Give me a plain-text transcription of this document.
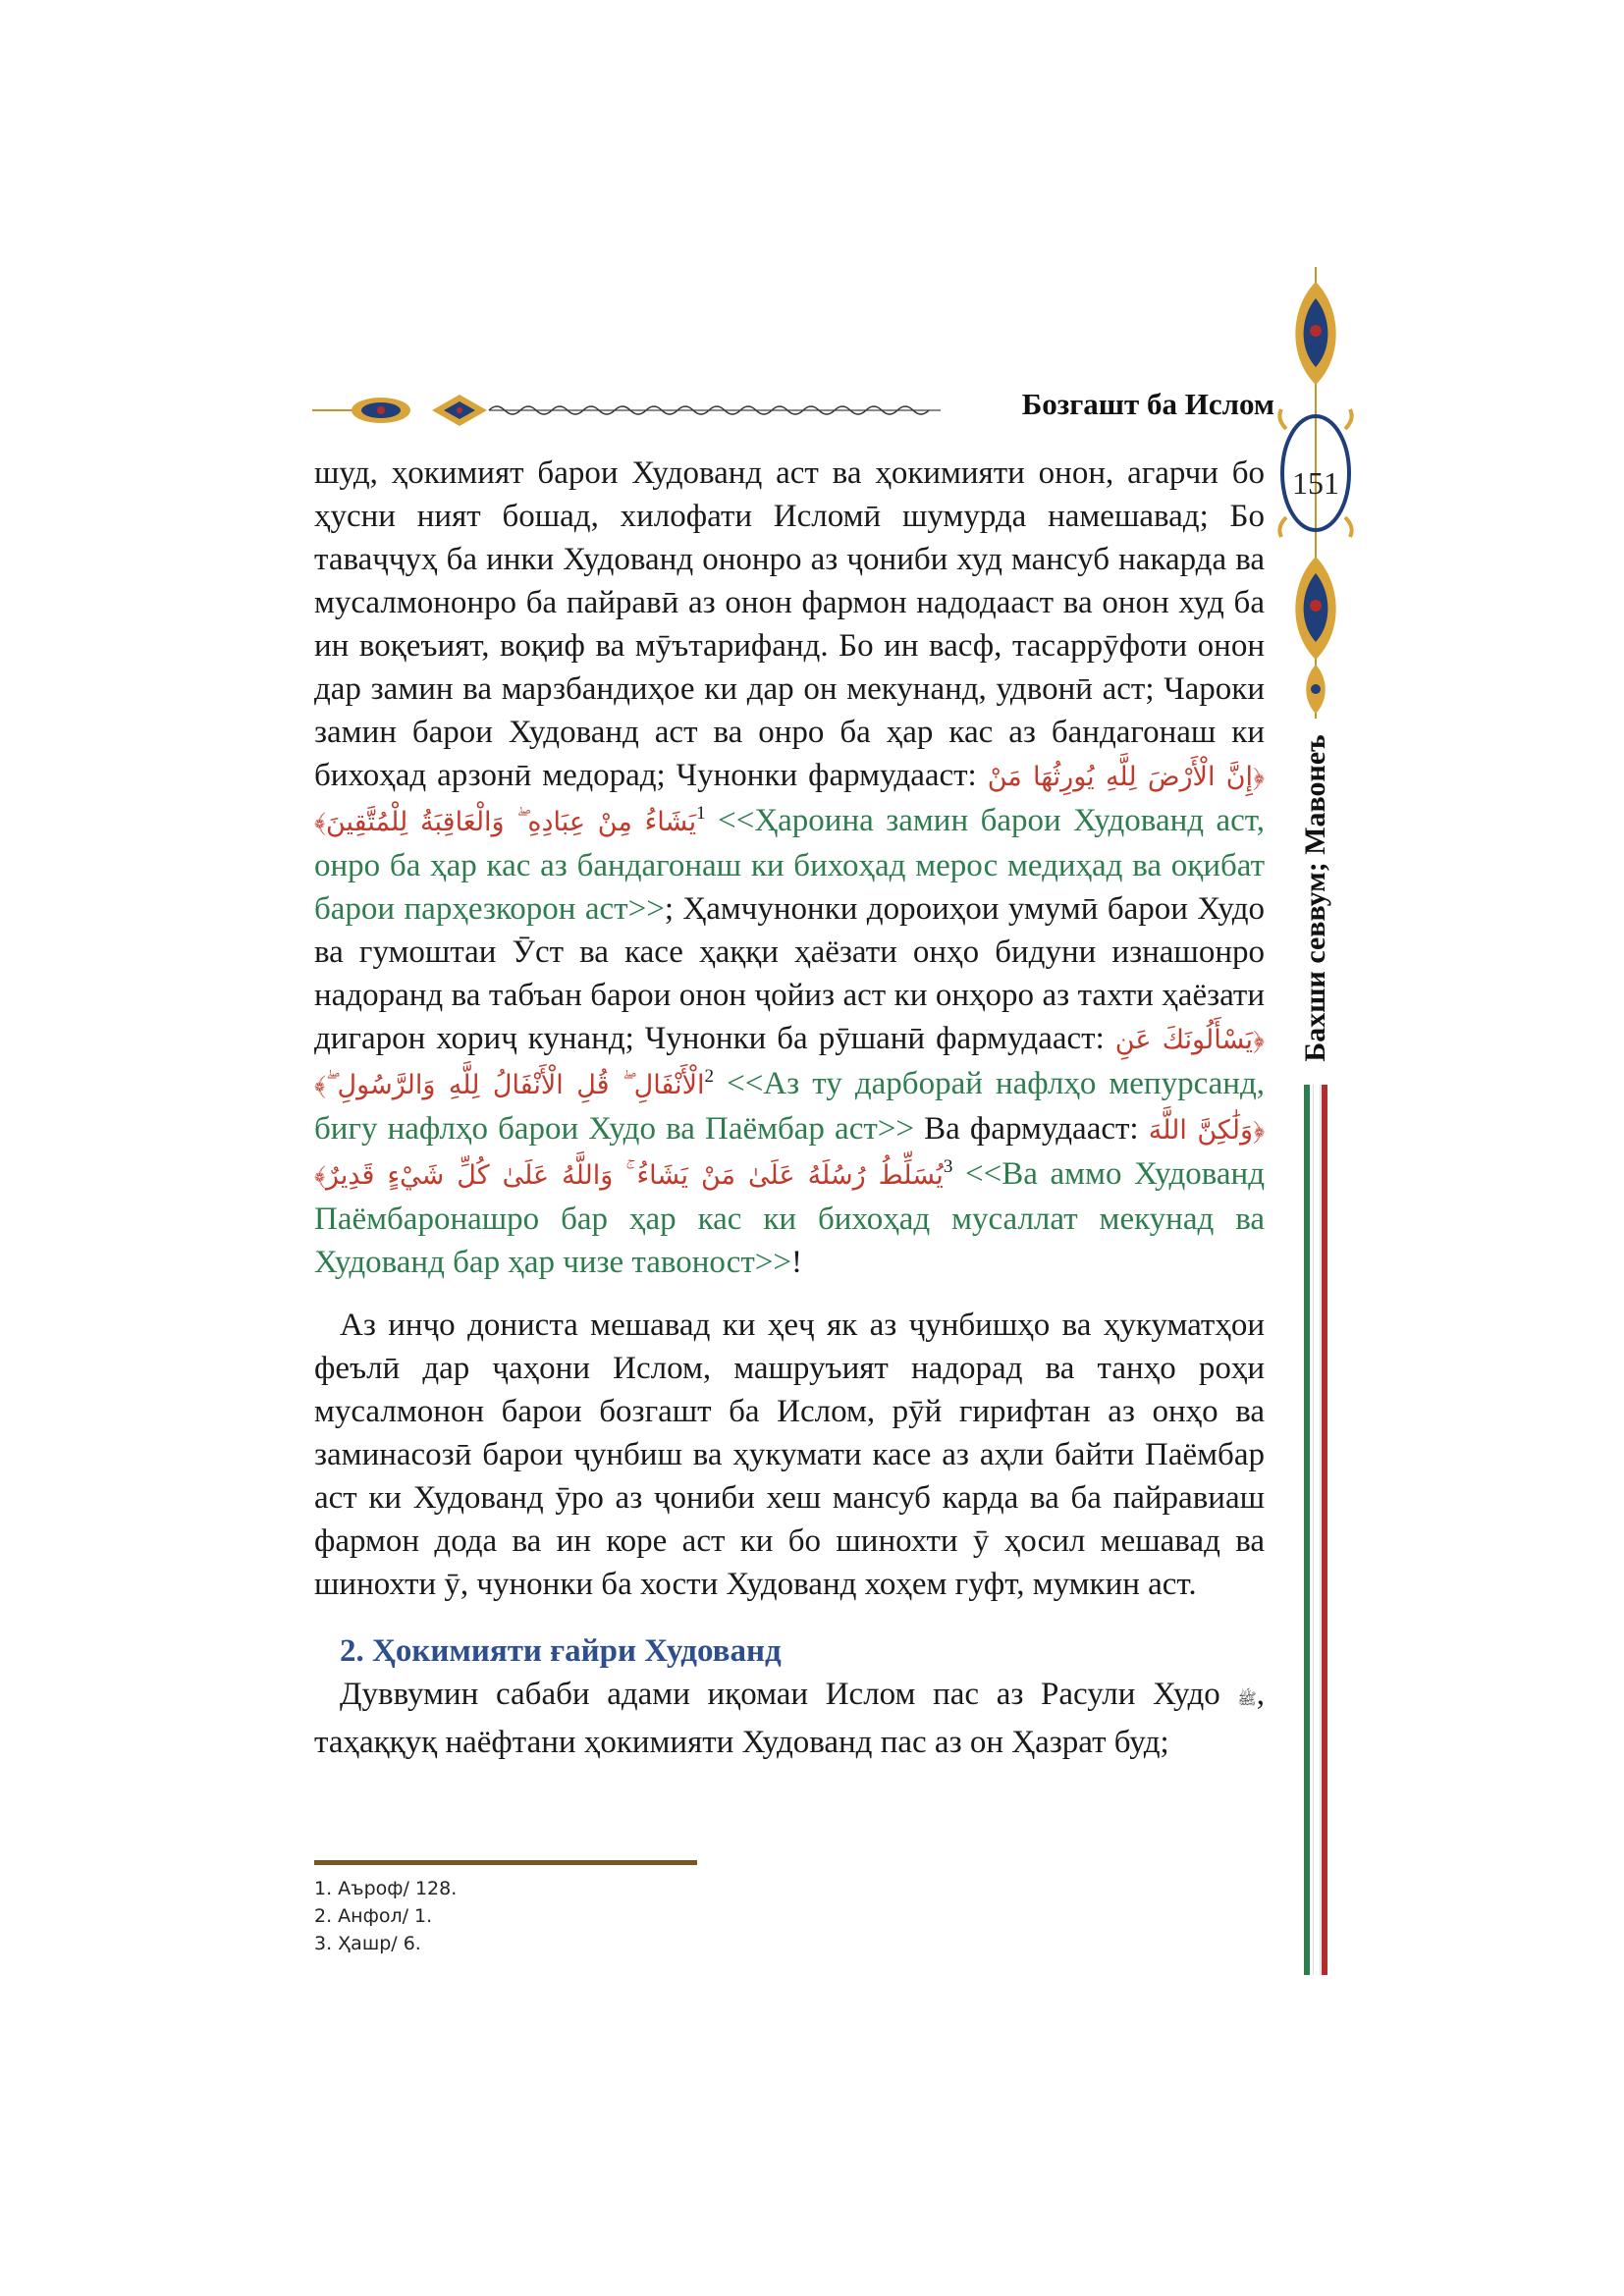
Бозгашт ба Ислом
151
Бахши севвум; Мавонеъ

шуд, ҳокимият барои Худованд аст ва ҳокимияти онон, агарчи бо ҳусни ният бошад, хилофати Исломӣ шумурда намешавад; Бо таваҷҷуҳ ба инки Худованд ононро аз ҷониби худ мансуб накарда ва мусалмононро ба пайравӣ аз онон фармон надодааст ва онон худ ба ин воқеъият, воқиф ва мӯътарифанд. Бо ин васф, тасаррӯфоти онон дар замин ва марзбандиҳое ки дар он мекунанд, удвонӣ аст; Чароки замин барои Худованд аст ва онро ба ҳар кас аз бандагонаш ки бихоҳад арзонӣ медорад; Чунонки фармудааст: ﴿إِنَّ الْأَرْضَ لِلَّهِ يُورِثُهَا مَنْ يَشَاءُ مِنْ عِبَادِهِ ۖ وَالْعَاقِبَةُ لِلْمُتَّقِينَ﴾$^1$ <<Ҳароина замин барои Худованд аст, онро ба ҳар кас аз бандагонаш ки бихоҳад мерос медиҳад ва оқибат барои парҳезкорон аст>>; Ҳамчунонки дороиҳои умумӣ барои Худо ва гумоштаи Ӯст ва касе ҳаққи ҳаёзати онҳо бидуни изнашонро надоранд ва табъан барои онон ҷойиз аст ки онҳоро аз тахти ҳаёзати дигарон хориҷ кунанд; Чунонки ба рӯшанӣ фармудааст: ﴿يَسْأَلُونَكَ عَنِ الْأَنْفَالِ ۖ قُلِ الْأَنْفَالُ لِلَّهِ وَالرَّسُولِ ۖ﴾$^2$ <<Аз ту дарборай нафлҳо мепурсанд, бигу нафлҳо барои Худо ва Паёмбар аст>> Ва фармудааст: ﴿وَلَٰكِنَّ اللَّهَ يُسَلِّطُ رُسُلَهُ عَلَىٰ مَنْ يَشَاءُ ۚ وَاللَّهُ عَلَىٰ كُلِّ شَيْءٍ قَدِيرٌ﴾$^3$ <<Ва аммо Худованд Паёмбаронашро бар ҳар кас ки бихоҳад мусаллат мекунад ва Худованд бар ҳар чизе тавоност>>!

Аз инҷо дониста мешавад ки ҳеҷ як аз ҷунбишҳо ва ҳукуматҳои феълӣ дар ҷаҳони Ислом, машруъият надорад ва танҳо роҳи мусалмонон барои бозгашт ба Ислом, рӯй гирифтан аз онҳо ва заминасозӣ барои ҷунбиш ва ҳукумати касе аз аҳли байти Паёмбар аст ки Худованд ӯро аз ҷониби хеш мансуб карда ва ба пайравиаш фармон дода ва ин коре аст ки бо шинохти ӯ ҳосил мешавад ва шинохти ӯ, чунонки ба хости Худованд хоҳем гуфт, мумкин аст.

2. Ҳокимияти ғайри Худованд

Дуввумин сабаби адами иқомаи Ислом пас аз Расули Худо ﷺ, таҳаққуқ наёфтани ҳокимияти Худованд пас аз он Ҳазрат буд;

1. Аъроф/ 128.
2. Анфол/ 1.
3. Ҳашр/ 6.
